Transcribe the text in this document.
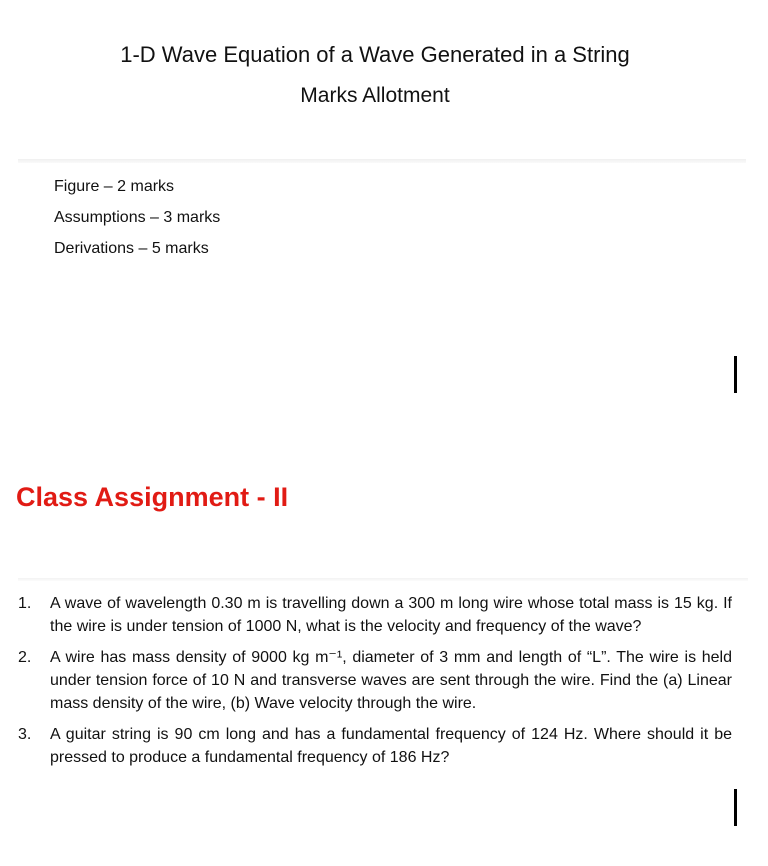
1-D Wave Equation of a Wave Generated in a String
Marks Allotment
Figure – 2 marks
Assumptions – 3 marks
Derivations – 5 marks
Class Assignment - II
1.	A wave of wavelength 0.30 m is travelling down a 300 m long wire whose total mass is 15 kg. If the wire is under tension of 1000 N, what is the velocity and frequency of the wave?
2.	A wire has mass density of 9000 kg m⁻¹, diameter of 3 mm and length of “L”. The wire is held under tension force of 10 N and transverse waves are sent through the wire. Find the (a) Linear mass density of the wire, (b) Wave velocity through the wire.
3.	A guitar string is 90 cm long and has a fundamental frequency of 124 Hz. Where should it be pressed to produce a fundamental frequency of 186 Hz?
